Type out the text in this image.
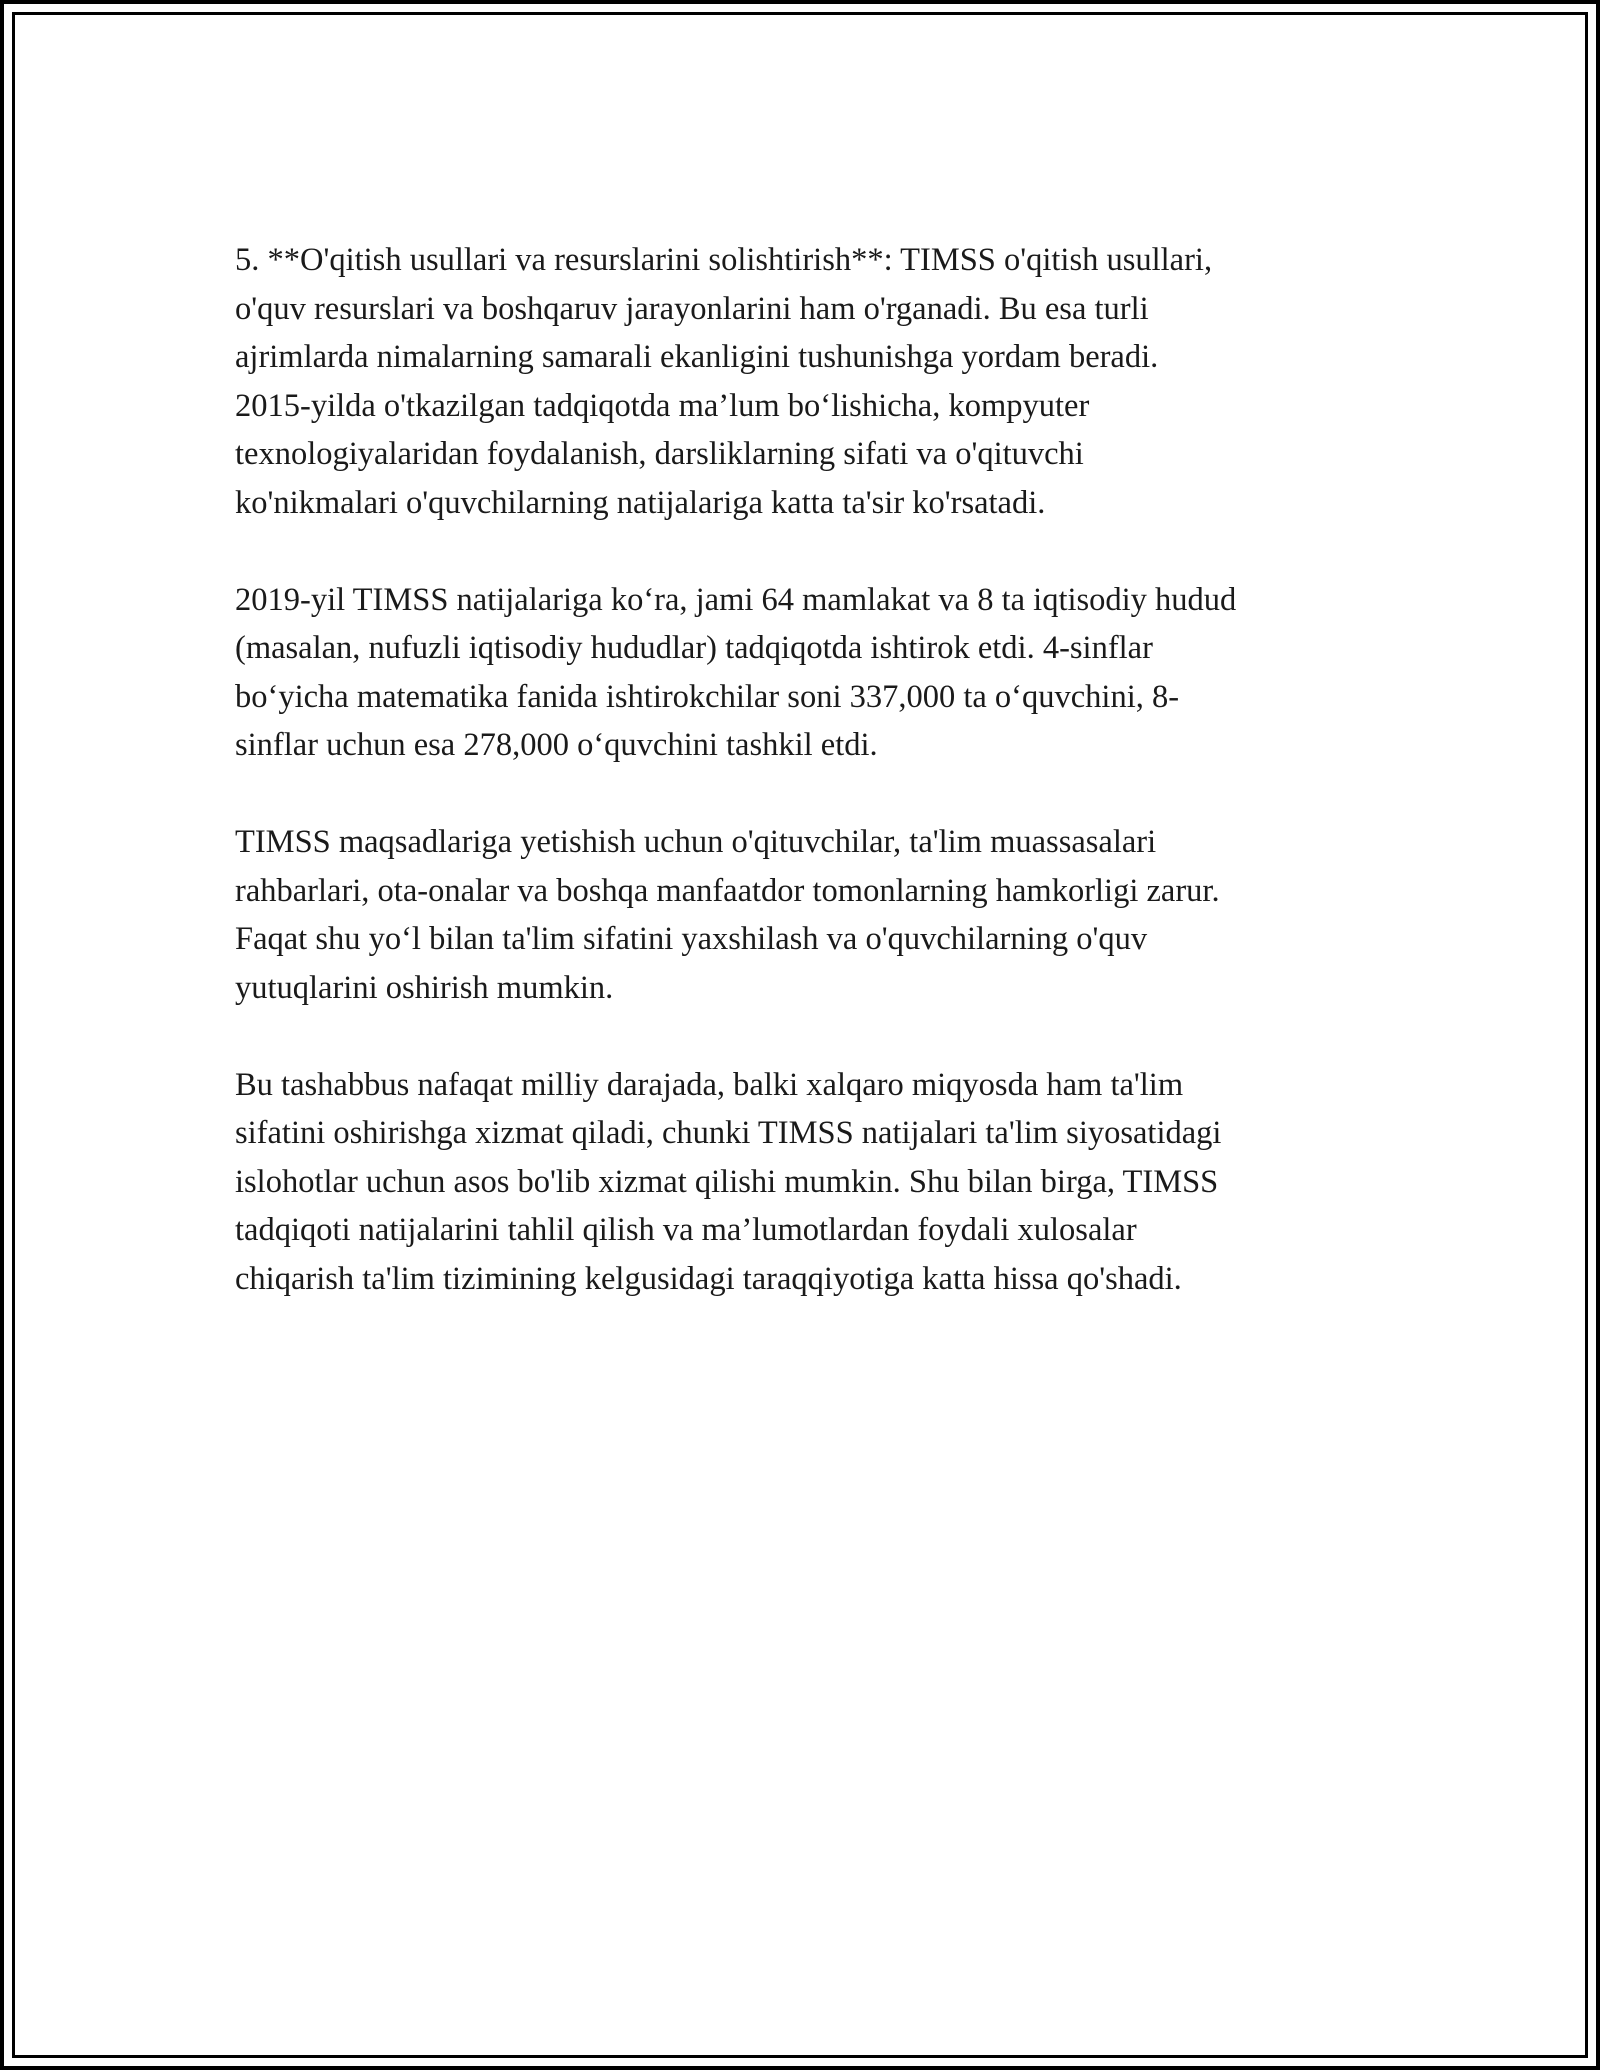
5. **O'qitish usullari va resurslarini solishtirish**: TIMSS o'qitish usullari,
o'quv resurslari va boshqaruv jarayonlarini ham o'rganadi. Bu esa turli
ajrimlarda nimalarning samarali ekanligini tushunishga yordam beradi.
2015-yilda o'tkazilgan tadqiqotda ma’lum boʻlishicha, kompyuter
texnologiyalaridan foydalanish, darsliklarning sifati va o'qituvchi
ko'nikmalari o'quvchilarning natijalariga katta ta'sir ko'rsatadi.

2019-yil TIMSS natijalariga koʻra, jami 64 mamlakat va 8 ta iqtisodiy hudud
(masalan, nufuzli iqtisodiy hududlar) tadqiqotda ishtirok etdi. 4-sinflar
boʻyicha matematika fanida ishtirokchilar soni 337,000 ta oʻquvchini, 8-
sinflar uchun esa 278,000 oʻquvchini tashkil etdi.

TIMSS maqsadlariga yetishish uchun o'qituvchilar, ta'lim muassasalari
rahbarlari, ota-onalar va boshqa manfaatdor tomonlarning hamkorligi zarur.
Faqat shu yoʻl bilan ta'lim sifatini yaxshilash va o'quvchilarning o'quv
yutuqlarini oshirish mumkin.

Bu tashabbus nafaqat milliy darajada, balki xalqaro miqyosda ham ta'lim
sifatini oshirishga xizmat qiladi, chunki TIMSS natijalari ta'lim siyosatidagi
islohotlar uchun asos bo'lib xizmat qilishi mumkin. Shu bilan birga, TIMSS
tadqiqoti natijalarini tahlil qilish va ma’lumotlardan foydali xulosalar
chiqarish ta'lim tizimining kelgusidagi taraqqiyotiga katta hissa qo'shadi.
